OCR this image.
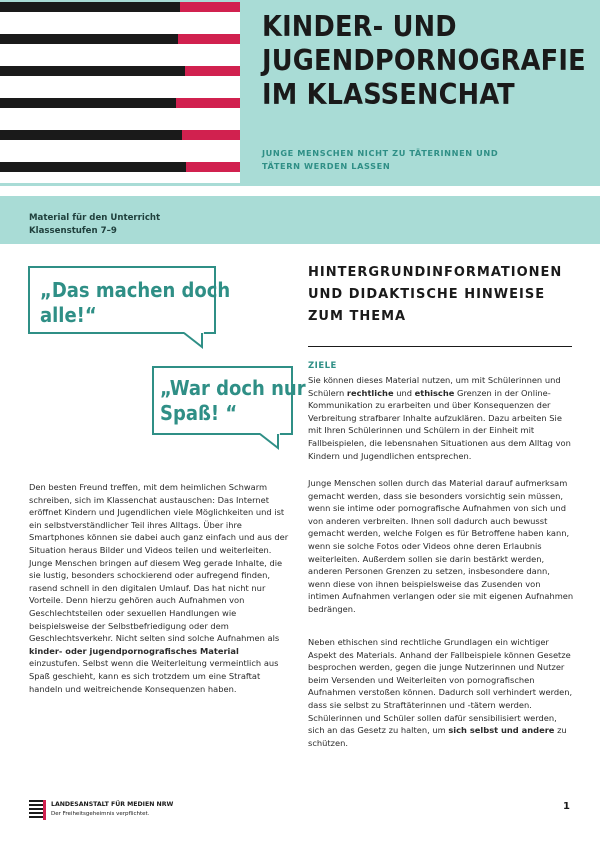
KINDER- UND
JUGENDPORNOGRAFIE
IM KLASSENCHAT
JUNGE MENSCHEN NICHT ZU TÄTERINNEN UND
TÄTERN WERDEN LASSEN
Material für den Unterricht
Klassenstufen 7–9
„Das machen doch
alle!“
„War doch nur
Spaß! “
HINTERGRUNDINFORMATIONEN
UND DIDAKTISCHE HINWEISE
ZUM THEMA
ZIELE
Sie können dieses Material nutzen, um mit Schülerinnen und Schülern rechtliche und ethische Grenzen in der Online-Kommunikation zu erarbeiten und über Konsequenzen der Verbreitung strafbarer Inhalte aufzuklären. Dazu arbeiten Sie mit Ihren Schülerinnen und Schülern in der Einheit mit Fallbeispielen, die lebensnahen Situationen aus dem Alltag von Kindern und Jugendlichen entsprechen.
Junge Menschen sollen durch das Material darauf aufmerksam gemacht werden, dass sie besonders vorsichtig sein müssen, wenn sie intime oder pornografische Aufnahmen von sich und von anderen verbreiten. Ihnen soll dadurch auch bewusst gemacht werden, welche Folgen es für Betroffene haben kann, wenn sie solche Fotos oder Videos ohne deren Erlaubnis weiterleiten. Außerdem sollen sie darin bestärkt werden, anderen Personen Grenzen zu setzen, insbesondere dann, wenn diese von ihnen beispielsweise das Zusenden von intimen Aufnahmen verlangen oder sie mit eigenen Aufnahmen bedrängen.
Neben ethischen sind rechtliche Grundlagen ein wichtiger Aspekt des Materials. Anhand der Fallbeispiele können Gesetze besprochen werden, gegen die junge Nutzerinnen und Nutzer beim Versenden und Weiterleiten von pornografischen Aufnahmen verstoßen können. Dadurch soll verhindert werden, dass sie selbst zu Straftäterinnen und -tätern werden. Schülerinnen und Schüler sollen dafür sensibilisiert werden, sich an das Gesetz zu halten, um sich selbst und andere zu schützen.
Den besten Freund treffen, mit dem heimlichen Schwarm schreiben, sich im Klassenchat austauschen: Das Internet eröffnet Kindern und Jugendlichen viele Möglichkeiten und ist ein selbstverständlicher Teil ihres Alltags. Über ihre Smartphones können sie dabei auch ganz einfach und aus der Situation heraus Bilder und Videos teilen und weiterleiten. Junge Menschen bringen auf diesem Weg gerade Inhalte, die sie lustig, besonders schockierend oder aufregend finden, rasend schnell in den digitalen Umlauf. Das hat nicht nur Vorteile. Denn hierzu gehören auch Aufnahmen von Geschlechtsteilen oder sexuellen Handlungen wie beispielsweise der Selbstbefriedigung oder dem Geschlechtsverkehr. Nicht selten sind solche Aufnahmen als kinder- oder jugendpornografisches Material einzustufen. Selbst wenn die Weiterleitung vermeintlich aus Spaß geschieht, kann es sich trotzdem um eine Straftat handeln und weitreichende Konsequenzen haben.
LANDESANSTALT FÜR MEDIEN NRW
Der Freiheitsgeheimnis verpflichtet.
1
